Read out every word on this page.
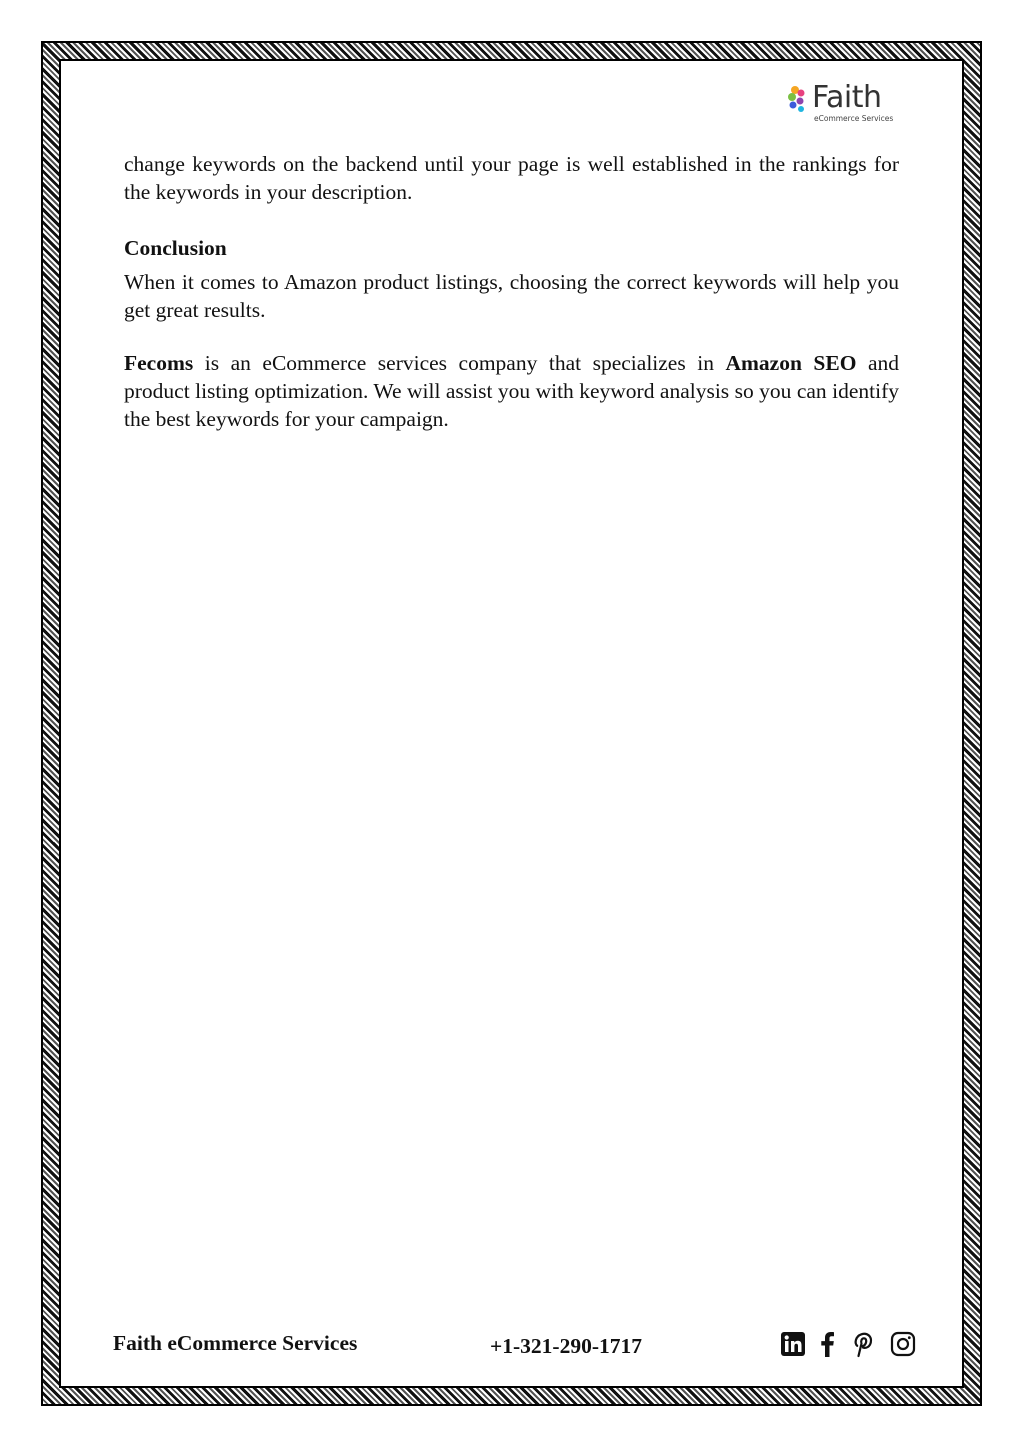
Faith
eCommerce Services

change keywords on the backend until your page is well established in the rankings for the keywords in your description.

Conclusion

When it comes to Amazon product listings, choosing the correct keywords will help you get great results.

Fecoms is an eCommerce services company that specializes in Amazon SEO and product listing optimization. We will assist you with keyword analysis so you can identify the best keywords for your campaign.

Faith eCommerce Services	+1-321-290-1717
